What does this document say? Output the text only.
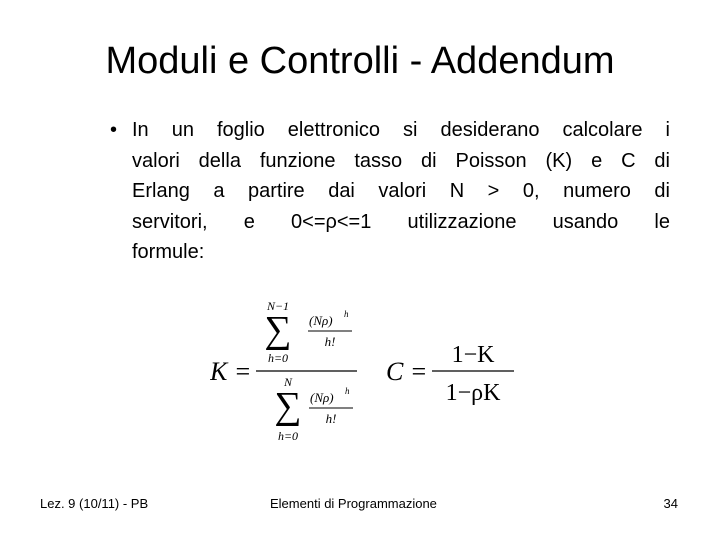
Moduli e Controlli - Addendum
• In un foglio elettronico si desiderano calcolare i
valori della funzione tasso di Poisson (K) e C di
Erlang a partire dai valori N > 0, numero di
servitori, e 0<=ρ<=1 utilizzazione usando le
formule:
K =
N−1
∑
h=0
(Nρ) h
h!
N
∑
h=0
(Nρ) h
h!
C =
1−K
1−ρK
Lez. 9 (10/11) - PB	Elementi di Programmazione	34
